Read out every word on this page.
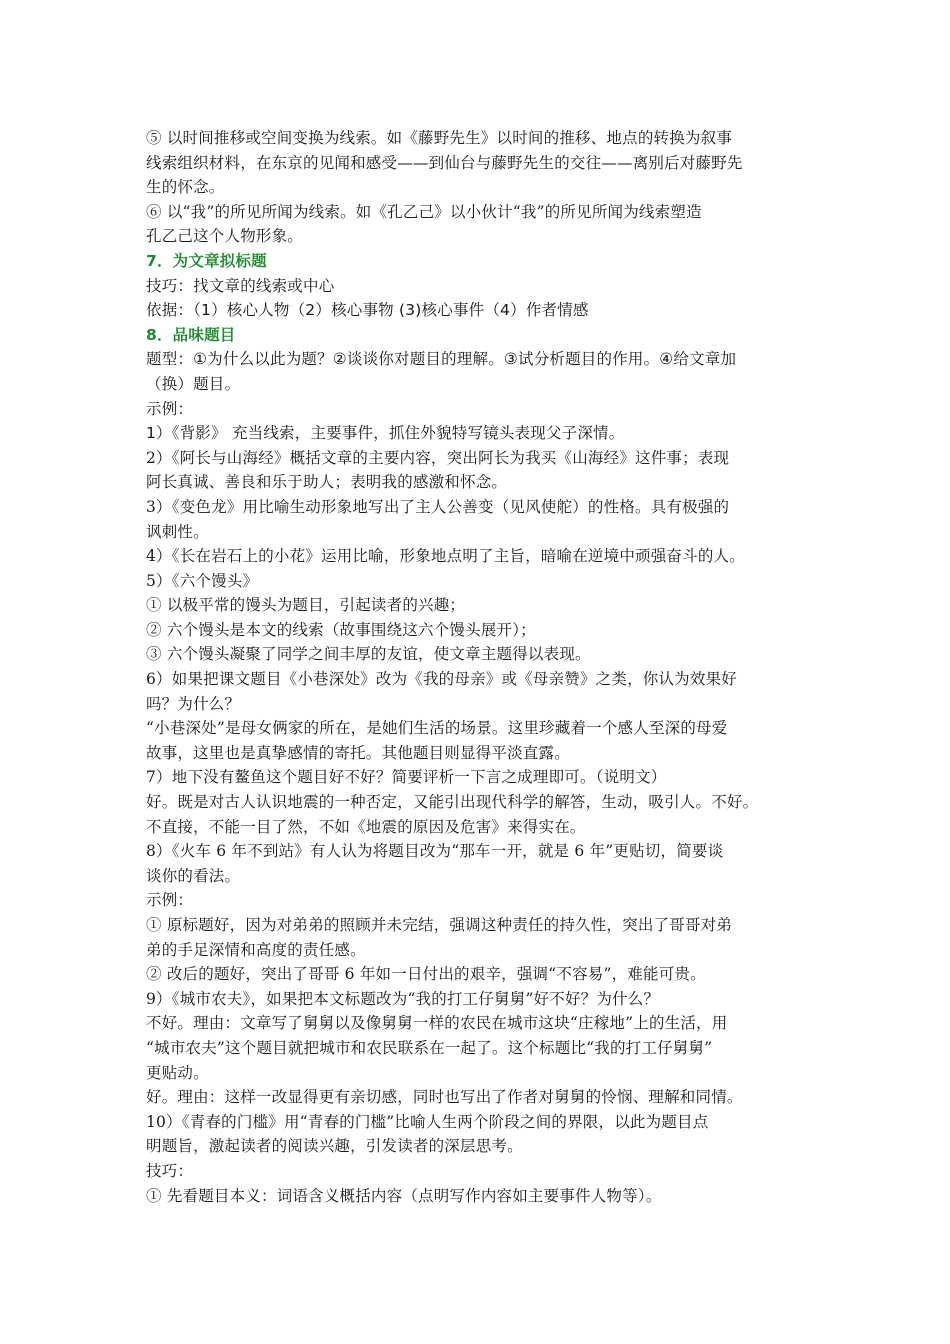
⑤ 以时间推移或空间变换为线索。如《藤野先生》以时间的推移、地点的转换为叙事
线索组织材料，在东京的见闻和感受——到仙台与藤野先生的交往——离别后对藤野先
生的怀念。
⑥ 以“我”的所见所闻为线索。如《孔乙己》以小伙计“我”的所见所闻为线索塑造
孔乙己这个人物形象。
7．为文章拟标题
技巧：找文章的线索或中心
依据：（1）核心人物（2）核心事物 (3)核心事件（4）作者情感
8．品味题目
题型：①为什么以此为题？②谈谈你对题目的理解。③试分析题目的作用。④给文章加
（换）题目。
示例：
1）《背影》 充当线索，主要事件，抓住外貌特写镜头表现父子深情。
2）《阿长与山海经》概括文章的主要内容，突出阿长为我买《山海经》这件事；表现
阿长真诚、善良和乐于助人；表明我的感激和怀念。
3）《变色龙》用比喻生动形象地写出了主人公善变（见风使舵）的性格。具有极强的
讽刺性。
4）《长在岩石上的小花》运用比喻，形象地点明了主旨，暗喻在逆境中顽强奋斗的人。
5）《六个馒头》
① 以极平常的馒头为题目，引起读者的兴趣；
② 六个馒头是本文的线索（故事围绕这六个馒头展开）；
③ 六个馒头凝聚了同学之间丰厚的友谊，使文章主题得以表现。
6）如果把课文题目《小巷深处》改为《我的母亲》或《母亲赞》之类，你认为效果好
吗？为什么？
“小巷深处”是母女俩家的所在，是她们生活的场景。这里珍藏着一个感人至深的母爱
故事，这里也是真挚感情的寄托。其他题目则显得平淡直露。
7）地下没有鳌鱼这个题目好不好？简要评析一下言之成理即可。（说明文）
好。既是对古人认识地震的一种否定，又能引出现代科学的解答，生动，吸引人。不好。
不直接，不能一目了然，不如《地震的原因及危害》来得实在。
8）《火车 6 年不到站》有人认为将题目改为“那车一开，就是 6 年”更贴切，简要谈
谈你的看法。
示例：
① 原标题好，因为对弟弟的照顾并未完结，强调这种责任的持久性，突出了哥哥对弟
弟的手足深情和高度的责任感。
② 改后的题好，突出了哥哥 6 年如一日付出的艰辛，强调“不容易”，难能可贵。
9）《城市农夫》，如果把本文标题改为“我的打工仔舅舅”好不好？为什么？
不好。理由：文章写了舅舅以及像舅舅一样的农民在城市这块“庄稼地”上的生活，用
“城市农夫”这个题目就把城市和农民联系在一起了。这个标题比“我的打工仔舅舅”
更贴动。
好。理由：这样一改显得更有亲切感，同时也写出了作者对舅舅的怜悯、理解和同情。
10）《青春的门槛》用“青春的门槛”比喻人生两个阶段之间的界限，以此为题目点
明题旨，激起读者的阅读兴趣，引发读者的深层思考。
技巧：
① 先看题目本义：词语含义概括内容（点明写作内容如主要事件人物等）。
